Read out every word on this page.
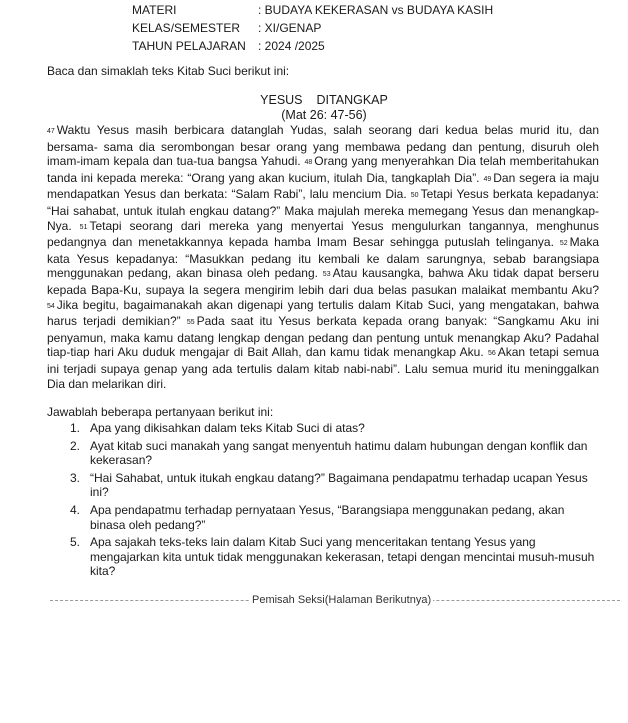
MATERI	: BUDAYA KEKERASAN vs BUDAYA KASIH
KELAS/SEMESTER	: XI/GENAP
TAHUN PELAJARAN	: 2024 /2025
Baca dan simaklah teks Kitab Suci berikut ini:
YESUS DITANGKAP
(Mat 26: 47-56)
47 Waktu Yesus masih berbicara datanglah Yudas, salah seorang dari kedua belas murid itu, dan bersama- sama dia serombongan besar orang yang membawa pedang dan pentung, disuruh oleh imam-imam kepala dan tua-tua bangsa Yahudi. 48 Orang yang menyerahkan Dia telah memberitahukan tanda ini kepada mereka: “Orang yang akan kucium, itulah Dia, tangkaplah Dia”. 49 Dan segera ia maju mendapatkan Yesus dan berkata: “Salam Rabi”, lalu mencium Dia. 50 Tetapi Yesus berkata kepadanya: “Hai sahabat, untuk itulah engkau datang?” Maka majulah mereka memegang Yesus dan menangkap-Nya. 51 Tetapi seorang dari mereka yang menyertai Yesus mengulurkan tangannya, menghunus pedangnya dan menetakkannya kepada hamba Imam Besar sehingga putuslah telinganya. 52 Maka kata Yesus kepadanya: “Masukkan pedang itu kembali ke dalam sarungnya, sebab barangsiapa menggunakan pedang, akan binasa oleh pedang. 53 Atau kausangka, bahwa Aku tidak dapat berseru kepada Bapa-Ku, supaya la segera mengirim lebih dari dua belas pasukan malaikat membantu Aku? 54 Jika begitu, bagaimanakah akan digenapi yang tertulis dalam Kitab Suci, yang mengatakan, bahwa harus terjadi demikian?” 55 Pada saat itu Yesus berkata kepada orang banyak: “Sangkamu Aku ini penyamun, maka kamu datang lengkap dengan pedang dan pentung untuk menangkap Aku? Padahal tiap-tiap hari Aku duduk mengajar di Bait Allah, dan kamu tidak menangkap Aku. 56 Akan tetapi semua ini terjadi supaya genap yang ada tertulis dalam kitab nabi-nabi”. Lalu semua murid itu meninggalkan Dia dan melarikan diri.
Jawablah beberapa pertanyaan berikut ini:
1. Apa yang dikisahkan dalam teks Kitab Suci di atas?
2. Ayat kitab suci manakah yang sangat menyentuh hatimu dalam hubungan dengan konflik dan kekerasan?
3. “Hai Sahabat, untuk itukah engkau datang?” Bagaimana pendapatmu terhadap ucapan Yesus ini?
4. Apa pendapatmu terhadap pernyataan Yesus, “Barangsiapa menggunakan pedang, akan binasa oleh pedang?”
5. Apa sajakah teks-teks lain dalam Kitab Suci yang menceritakan tentang Yesus yang mengajarkan kita untuk tidak menggunakan kekerasan, tetapi dengan mencintai musuh-musuh kita?
Pemisah Seksi(Halaman Berikutnya)
